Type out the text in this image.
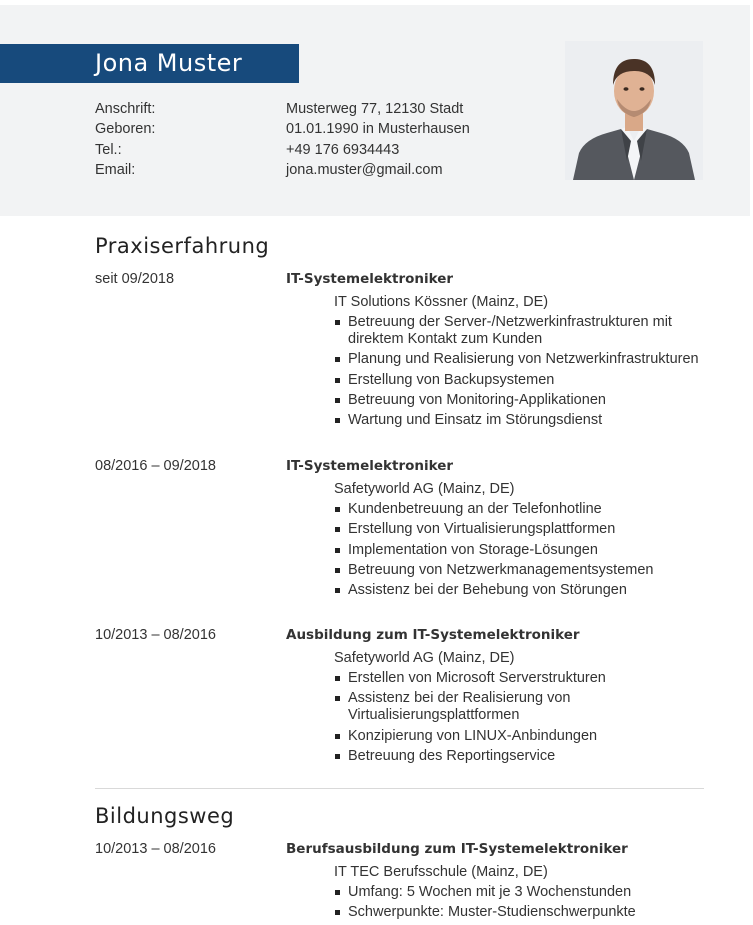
Jona Muster
Anschrift:	Musterweg 77, 12130 Stadt
Geboren:	01.01.1990 in Musterhausen
Tel.:	+49 176 6934443
Email:	jona.muster@gmail.com
Praxiserfahrung
seit 09/2018	IT-Systemelektroniker
IT Solutions Kössner (Mainz, DE)
Betreuung der Server-/Netzwerkinfrastrukturen mit direktem Kontakt zum Kunden
Planung und Realisierung von Netzwerkinfrastrukturen
Erstellung von Backupsystemen
Betreuung von Monitoring-Applikationen
Wartung und Einsatz im Störungsdienst
08/2016 – 09/2018	IT-Systemelektroniker
Safetyworld AG (Mainz, DE)
Kundenbetreuung an der Telefonhotline
Erstellung von Virtualisierungsplattformen
Implementation von Storage-Lösungen
Betreuung von Netzwerkmanagementsystemen
Assistenz bei der Behebung von Störungen
10/2013 – 08/2016	Ausbildung zum IT-Systemelektroniker
Safetyworld AG (Mainz, DE)
Erstellen von Microsoft Serverstrukturen
Assistenz bei der Realisierung von Virtualisierungsplattformen
Konzipierung von LINUX-Anbindungen
Betreuung des Reportingservice
Bildungsweg
10/2013 – 08/2016	Berufsausbildung zum IT-Systemelektroniker
IT TEC Berufsschule (Mainz, DE)
Umfang: 5 Wochen mit je 3 Wochenstunden
Schwerpunkte: Muster-Studienschwerpunkte
